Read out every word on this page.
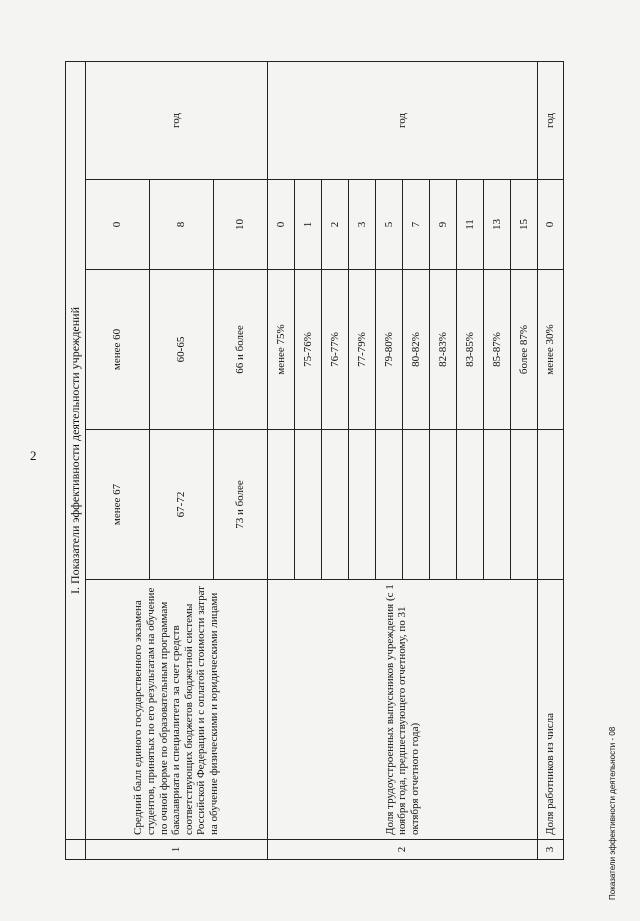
2
		I. Показатели эффективности деятельности учреждений				
1	Средний балл единого государственного экзамена студентов, принятых по его результатам на обучение по очной форме по образовательным программам бакалавриата и специалитета за счет средств соответствующих бюджетов бюджетной системы Российской Федерации и с оплатой стоимости затрат на обучение физическими и юридическими лицами	менее 67	менее 60	0	год
		67-72	60-65	8	
		73 и более	66 и более	10	
2	Доля трудоустроенных выпускников учреждения (с 1 ноября года, предшествующего отчетному, по 31 октября отчетного года)		менее 75%	0	год
			75-76%	1	
			76-77%	2	
			77-79%	3	
			79-80%	5	
			80-82%	7	
			82-83%	9	
			83-85%	11	
			85-87%	13	
			более 87%	15	
3	Доля работников из числа		менее 30%	0	год
Показатели эффективности деятельности - 08
